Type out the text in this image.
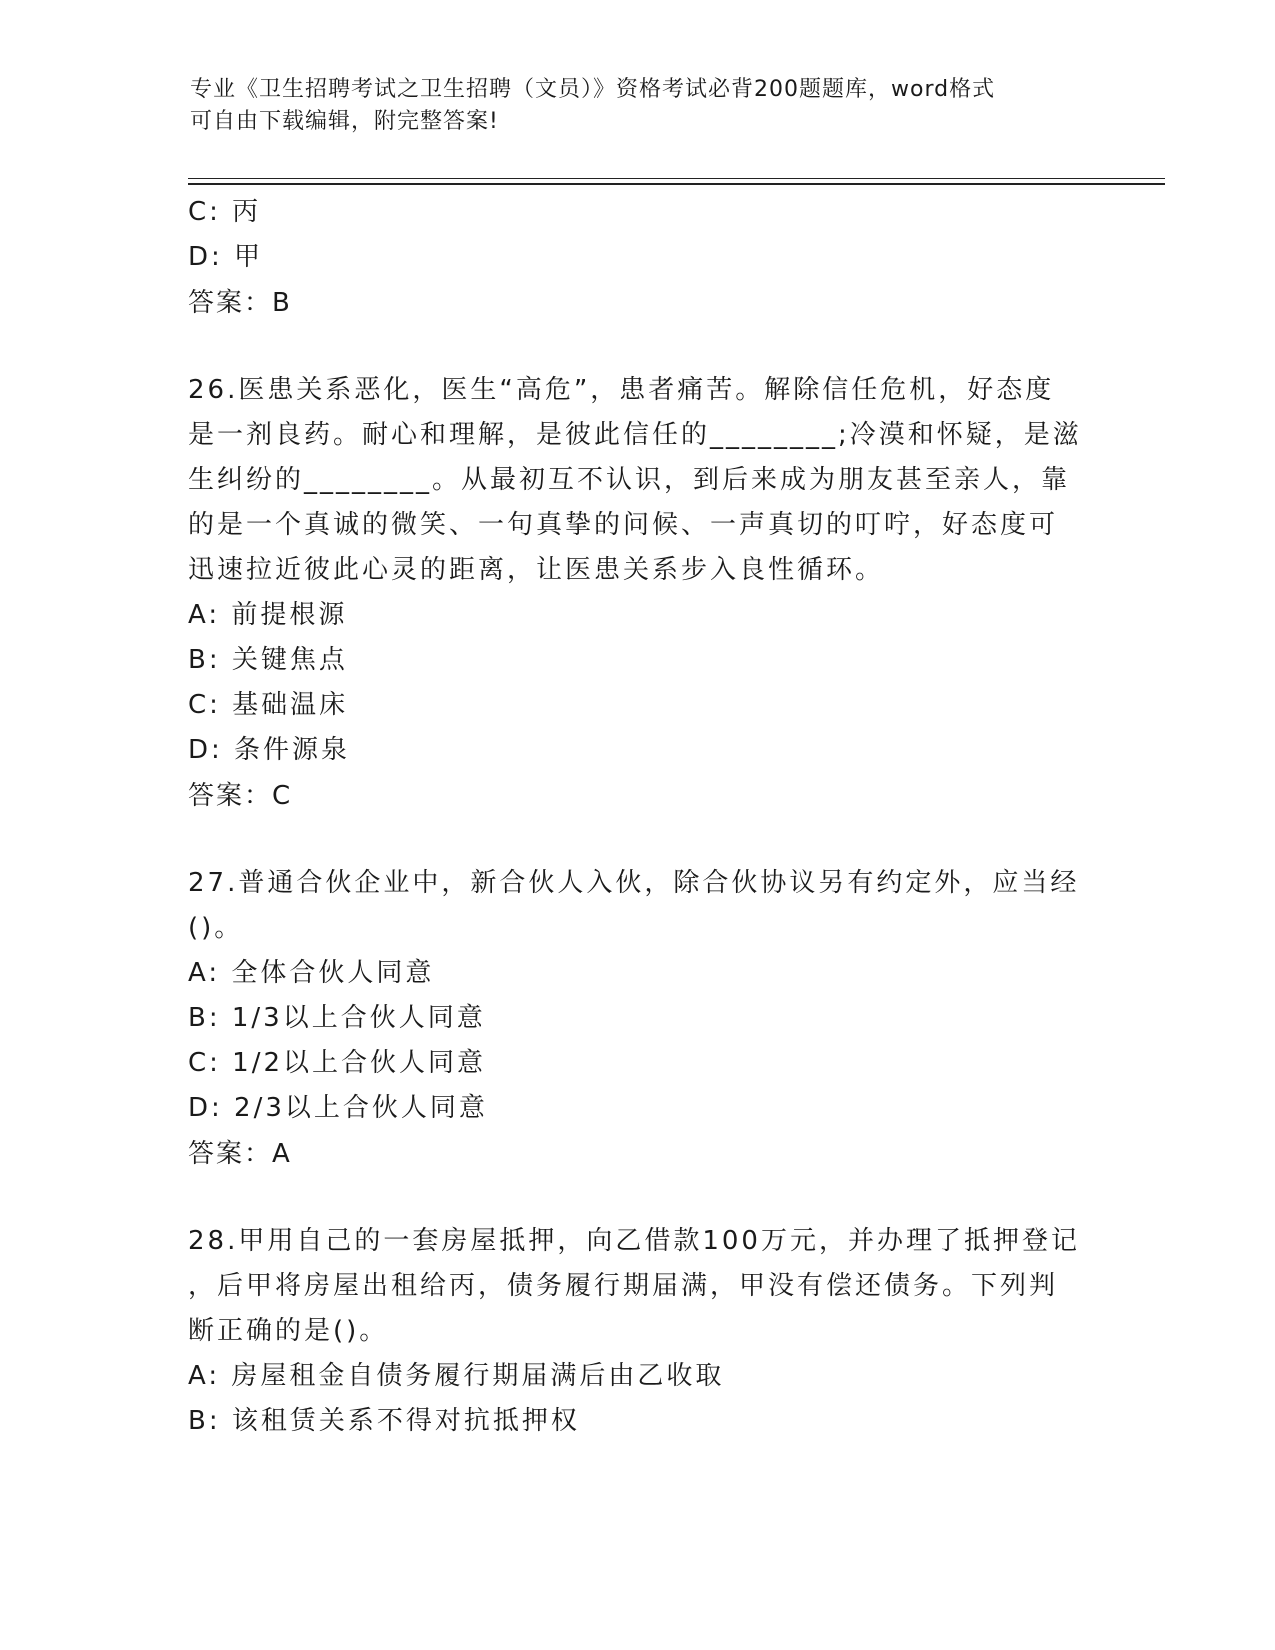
专业《卫生招聘考试之卫生招聘（文员）》资格考试必背200题题库，word格式
可自由下载编辑，附完整答案!
C: 丙
D: 甲
答案：B
26.医患关系恶化，医生“高危”，患者痛苦。解除信任危机，好态度
是一剂良药。耐心和理解，是彼此信任的________;冷漠和怀疑，是滋
生纠纷的________。从最初互不认识，到后来成为朋友甚至亲人，靠
的是一个真诚的微笑、一句真挚的问候、一声真切的叮咛，好态度可
迅速拉近彼此心灵的距离，让医患关系步入良性循环。
A: 前提根源
B: 关键焦点
C: 基础温床
D: 条件源泉
答案：C
27.普通合伙企业中，新合伙人入伙，除合伙协议另有约定外，应当经
()。
A: 全体合伙人同意
B: 1/3以上合伙人同意
C: 1/2以上合伙人同意
D: 2/3以上合伙人同意
答案：A
28.甲用自己的一套房屋抵押，向乙借款100万元，并办理了抵押登记
，后甲将房屋出租给丙，债务履行期届满，甲没有偿还债务。下列判
断正确的是()。
A: 房屋租金自债务履行期届满后由乙收取
B: 该租赁关系不得对抗抵押权
